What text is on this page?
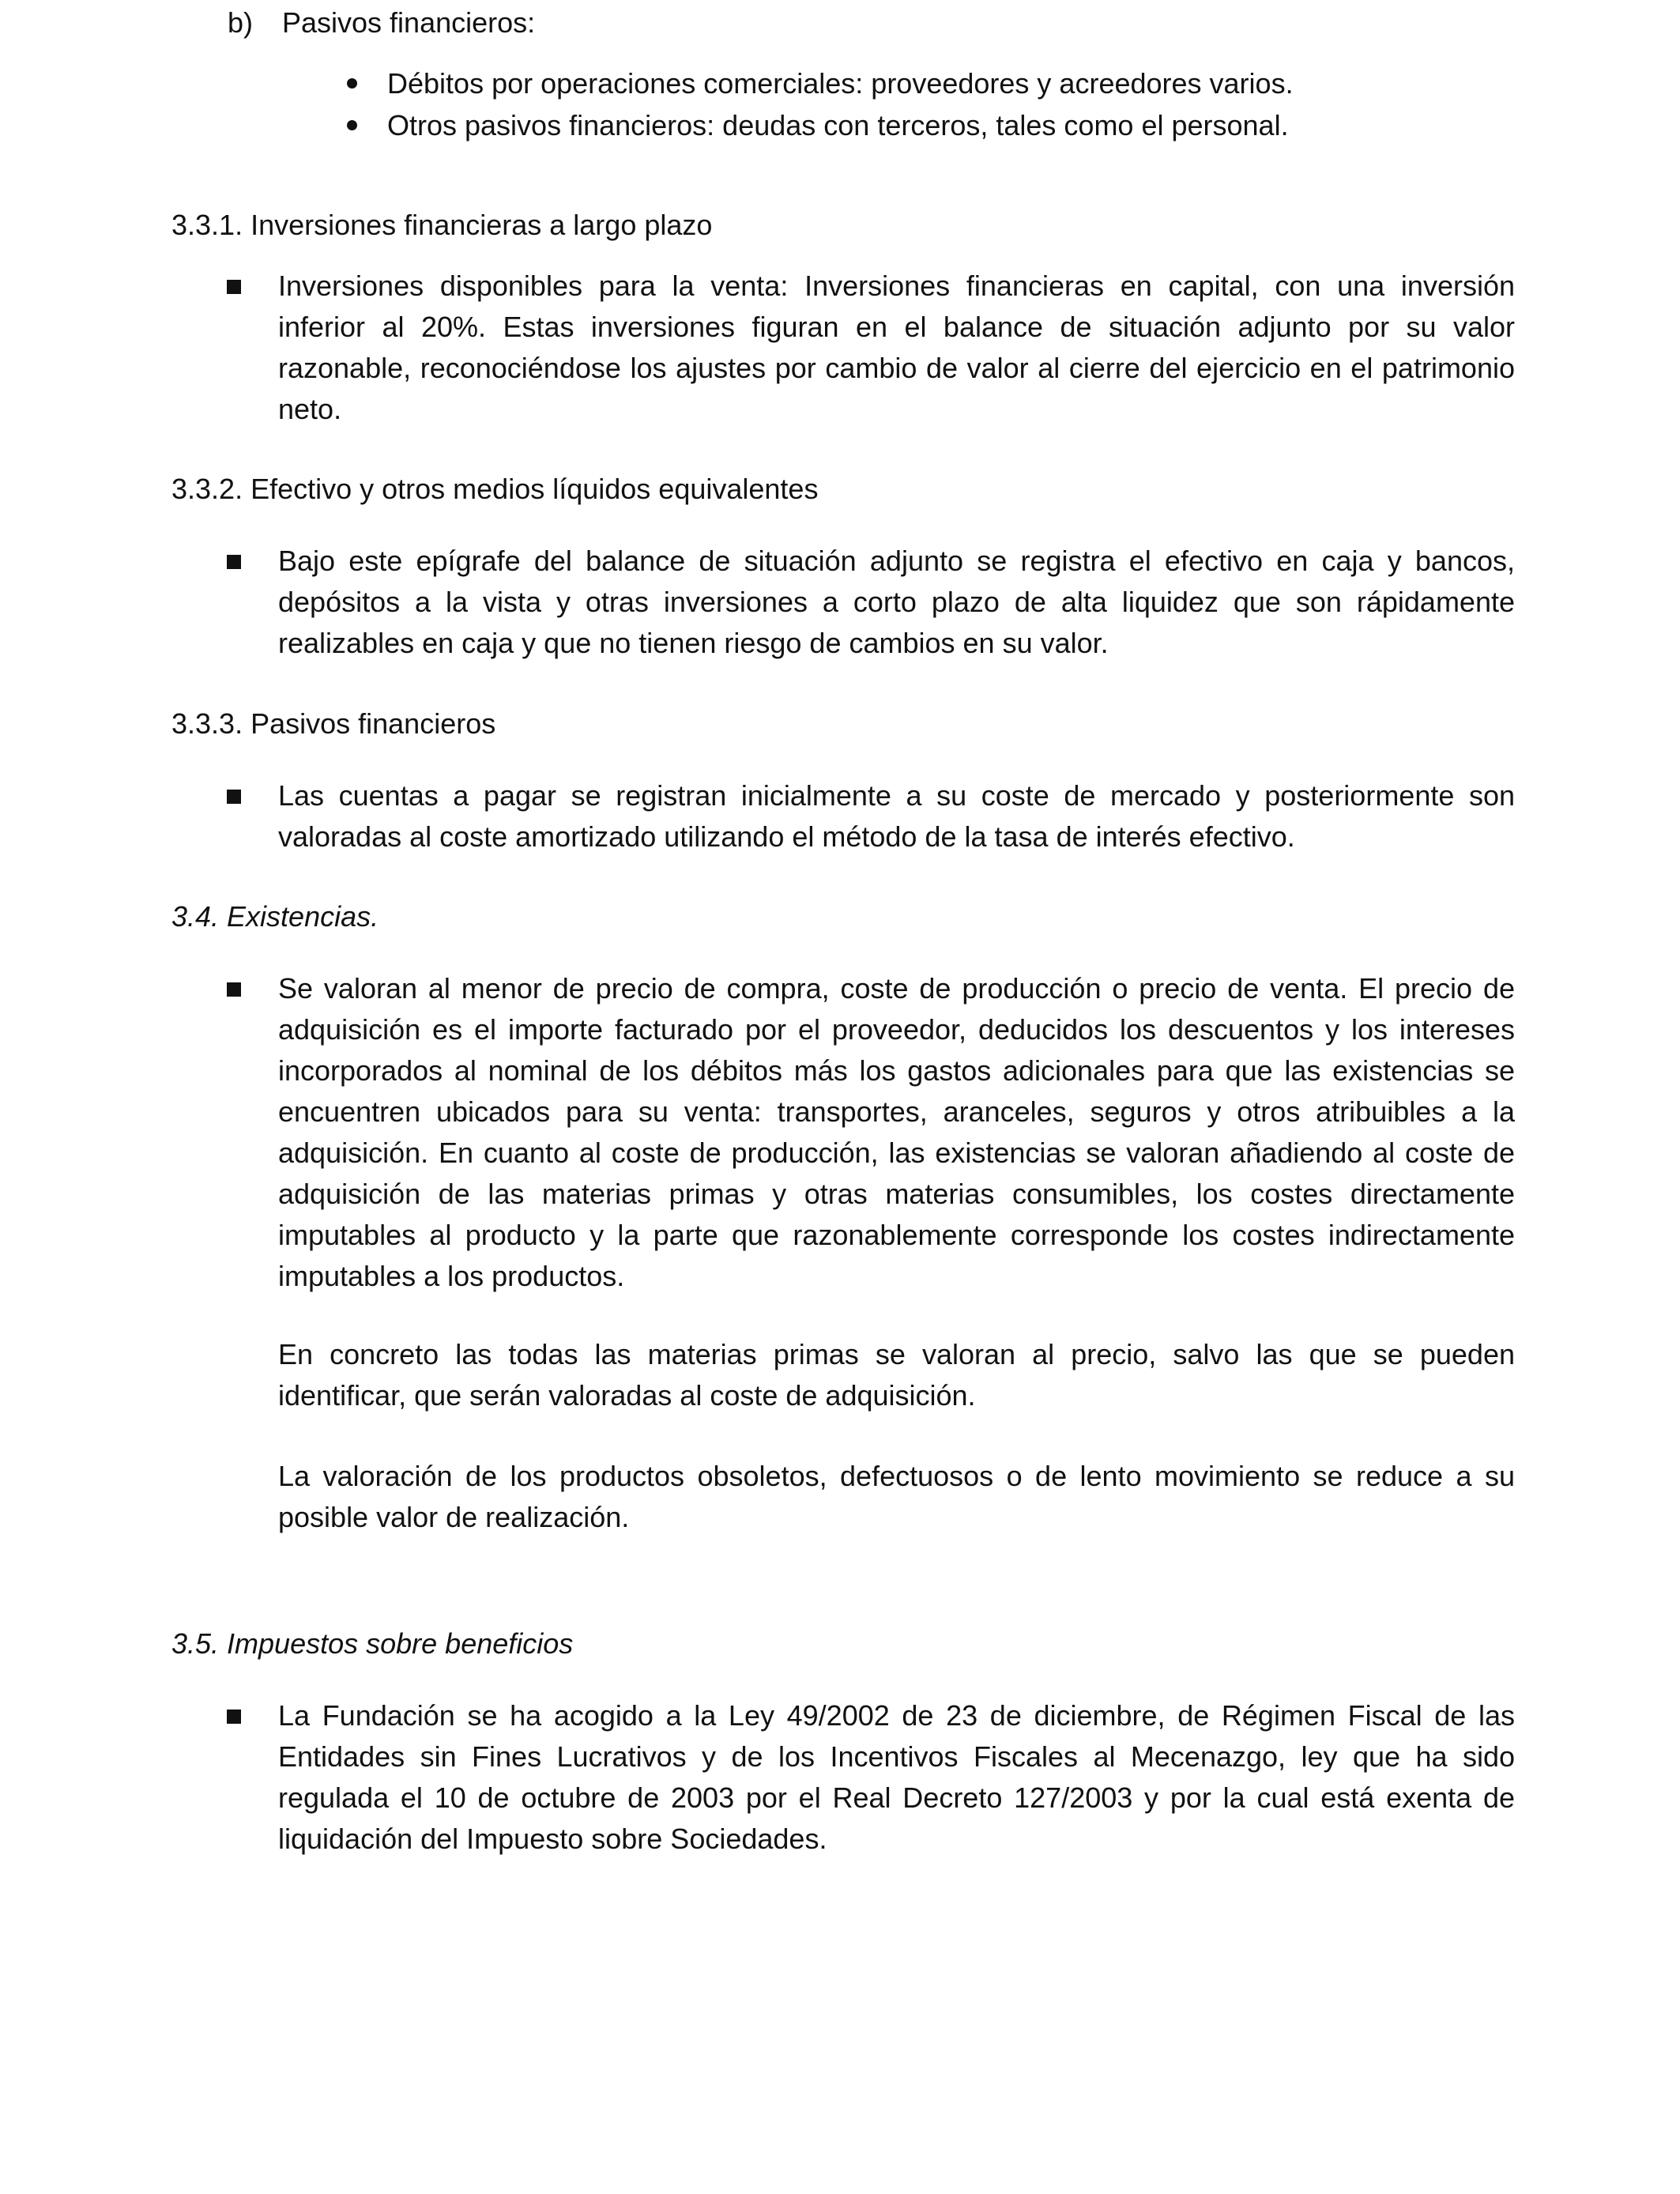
b) Pasivos financieros:
Débitos por operaciones comerciales: proveedores y acreedores varios.
Otros pasivos financieros: deudas con terceros, tales como el personal.
3.3.1. Inversiones financieras a largo plazo
Inversiones disponibles para la venta: Inversiones financieras en capital, con una inversión inferior al 20%. Estas inversiones figuran en el balance de situación adjunto por su valor razonable, reconociéndose los ajustes por cambio de valor al cierre del ejercicio en el patrimonio neto.
3.3.2. Efectivo y otros medios líquidos equivalentes
Bajo este epígrafe del balance de situación adjunto se registra el efectivo en caja y bancos, depósitos a la vista y otras inversiones a corto plazo de alta liquidez que son rápidamente realizables en caja y que no tienen riesgo de cambios en su valor.
3.3.3. Pasivos financieros
Las cuentas a pagar se registran inicialmente a su coste de mercado y posteriormente son valoradas al coste amortizado utilizando el método de la tasa de interés efectivo.
3.4. Existencias.
Se valoran al menor de precio de compra, coste de producción o precio de venta. El precio de adquisición es el importe facturado por el proveedor, deducidos los descuentos y los intereses incorporados al nominal de los débitos más los gastos adicionales para que las existencias se encuentren ubicados para su venta: transportes, aranceles, seguros y otros atribuibles a la adquisición. En cuanto al coste de producción, las existencias se valoran añadiendo al coste de adquisición de las materias primas y otras materias consumibles, los costes directamente imputables al producto y la parte que razonablemente corresponde los costes indirectamente imputables a los productos.
En concreto las todas las materias primas se valoran al precio, salvo las que se pueden identificar, que serán valoradas al coste de adquisición.
La valoración de los productos obsoletos, defectuosos o de lento movimiento se reduce a su posible valor de realización.
3.5. Impuestos sobre beneficios
La Fundación se ha acogido a la Ley 49/2002 de 23 de diciembre, de Régimen Fiscal de las Entidades sin Fines Lucrativos y de los Incentivos Fiscales al Mecenazgo, ley que ha sido regulada el 10 de octubre de 2003 por el Real Decreto 127/2003 y por la cual está exenta de liquidación del Impuesto sobre Sociedades.
